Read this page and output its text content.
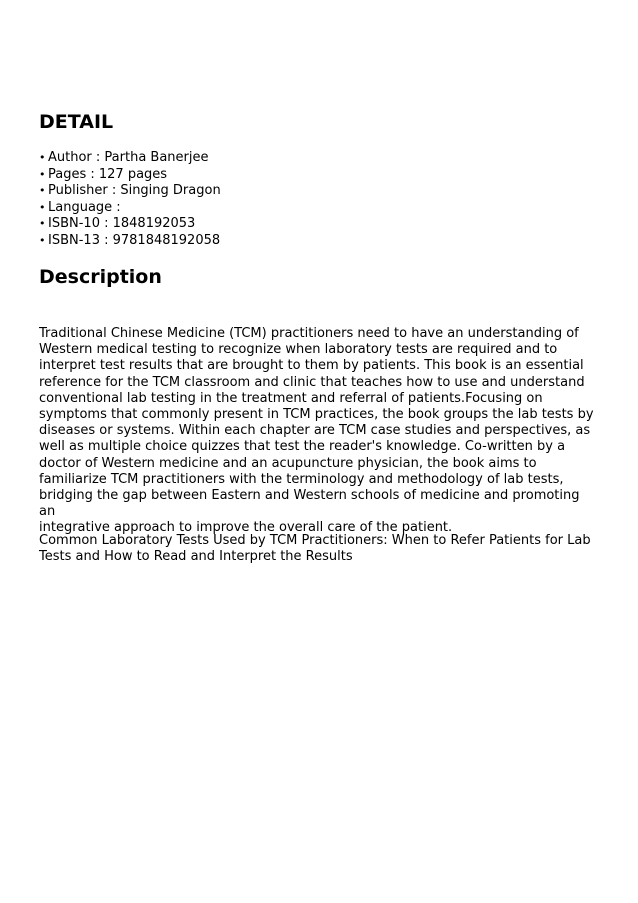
DETAIL
• Author : Partha Banerjee
• Pages : 127 pages
• Publisher : Singing Dragon
• Language :
• ISBN-10 : 1848192053
• ISBN-13 : 9781848192058
Description

Traditional Chinese Medicine (TCM) practitioners need to have an understanding of
Western medical testing to recognize when laboratory tests are required and to
interpret test results that are brought to them by patients. This book is an essential
reference for the TCM classroom and clinic that teaches how to use and understand
conventional lab testing in the treatment and referral of patients.Focusing on
symptoms that commonly present in TCM practices, the book groups the lab tests by
diseases or systems. Within each chapter are TCM case studies and perspectives, as
well as multiple choice quizzes that test the reader's knowledge. Co-written by a
doctor of Western medicine and an acupuncture physician, the book aims to
familiarize TCM practitioners with the terminology and methodology of lab tests,
bridging the gap between Eastern and Western schools of medicine and promoting an
integrative approach to improve the overall care of the patient.

Common Laboratory Tests Used by TCM Practitioners: When to Refer Patients for Lab
Tests and How to Read and Interpret the Results
